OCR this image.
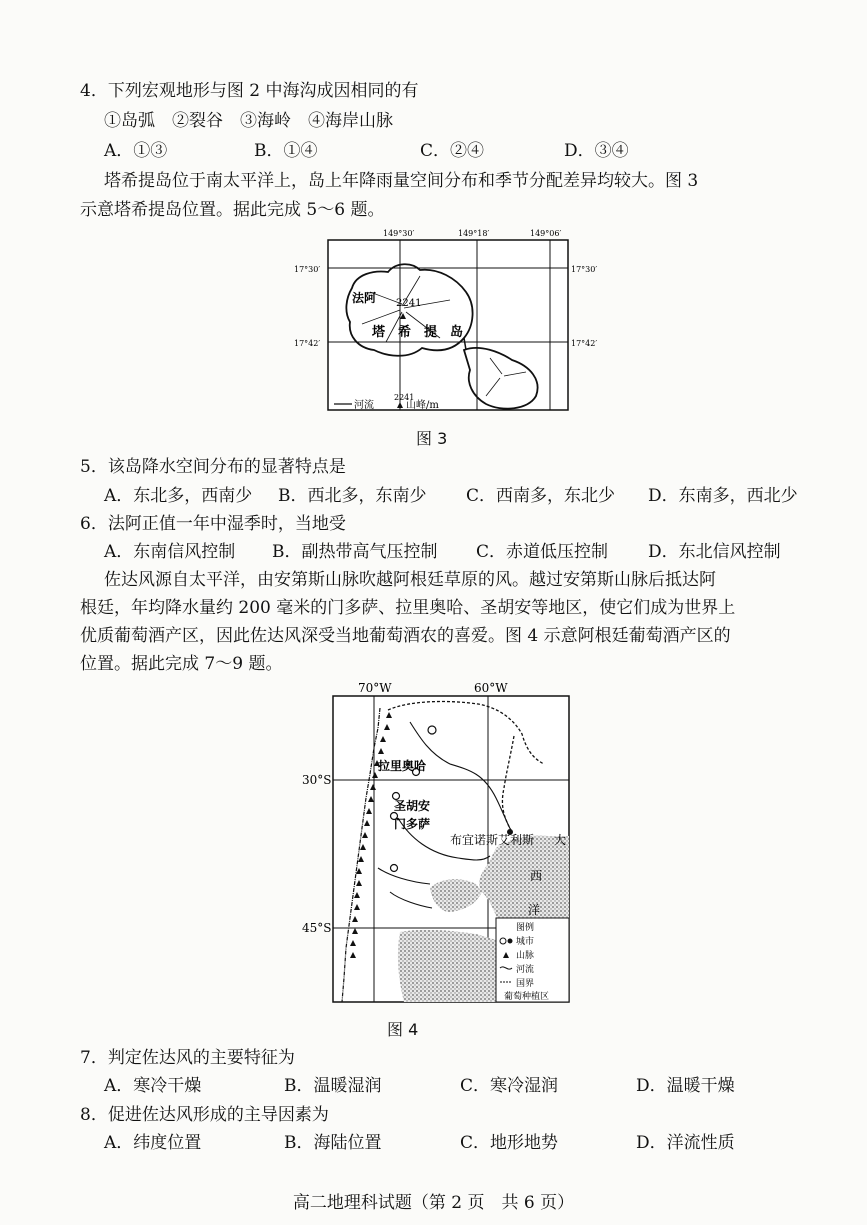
4．下列宏观地形与图 2 中海沟成因相同的有
①岛弧　②裂谷　③海岭　④海岸山脉
A．①③	B．①④	C．②④	D．③④
塔希提岛位于南太平洋上，岛上年降雨量空间分布和季节分配差异均较大。图 3
示意塔希提岛位置。据此完成 5～6 题。
149°30′	149°18′	149°06′
17°30′	17°30′
17°42′	17°42′
法阿 2241
塔　希　提　岛
河流
2241
山峰/m
图 3
5．该岛降水空间分布的显著特点是
A．东北多，西南少 B．西北多，东南少 C．西南多，东北少 D．东南多，西北少
6．法阿正值一年中湿季时，当地受
A．东南信风控制 B．副热带高气压控制 C．赤道低压控制 D．东北信风控制
佐达风源自太平洋，由安第斯山脉吹越阿根廷草原的风。越过安第斯山脉后抵达阿
根廷，年均降水量约 200 毫米的门多萨、拉里奥哈、圣胡安等地区，使它们成为世界上
优质葡萄酒产区，因此佐达风深受当地葡萄酒农的喜爱。图 4 示意阿根廷葡萄酒产区的
位置。据此完成 7～9 题。
70°W	60°W
30°S
45°S
拉里奥哈
圣胡安
门多萨
布宜诺斯艾利斯 大
西
洋
图例
城市
山脉
河流
国界
葡萄种植区
图 4
7．判定佐达风的主要特征为
A．寒冷干燥	B．温暖湿润	C．寒冷湿润	D．温暖干燥
8．促进佐达风形成的主导因素为
A．纬度位置	B．海陆位置	C．地形地势	D．洋流性质
高二地理科试题（第 2 页　共 6 页）
